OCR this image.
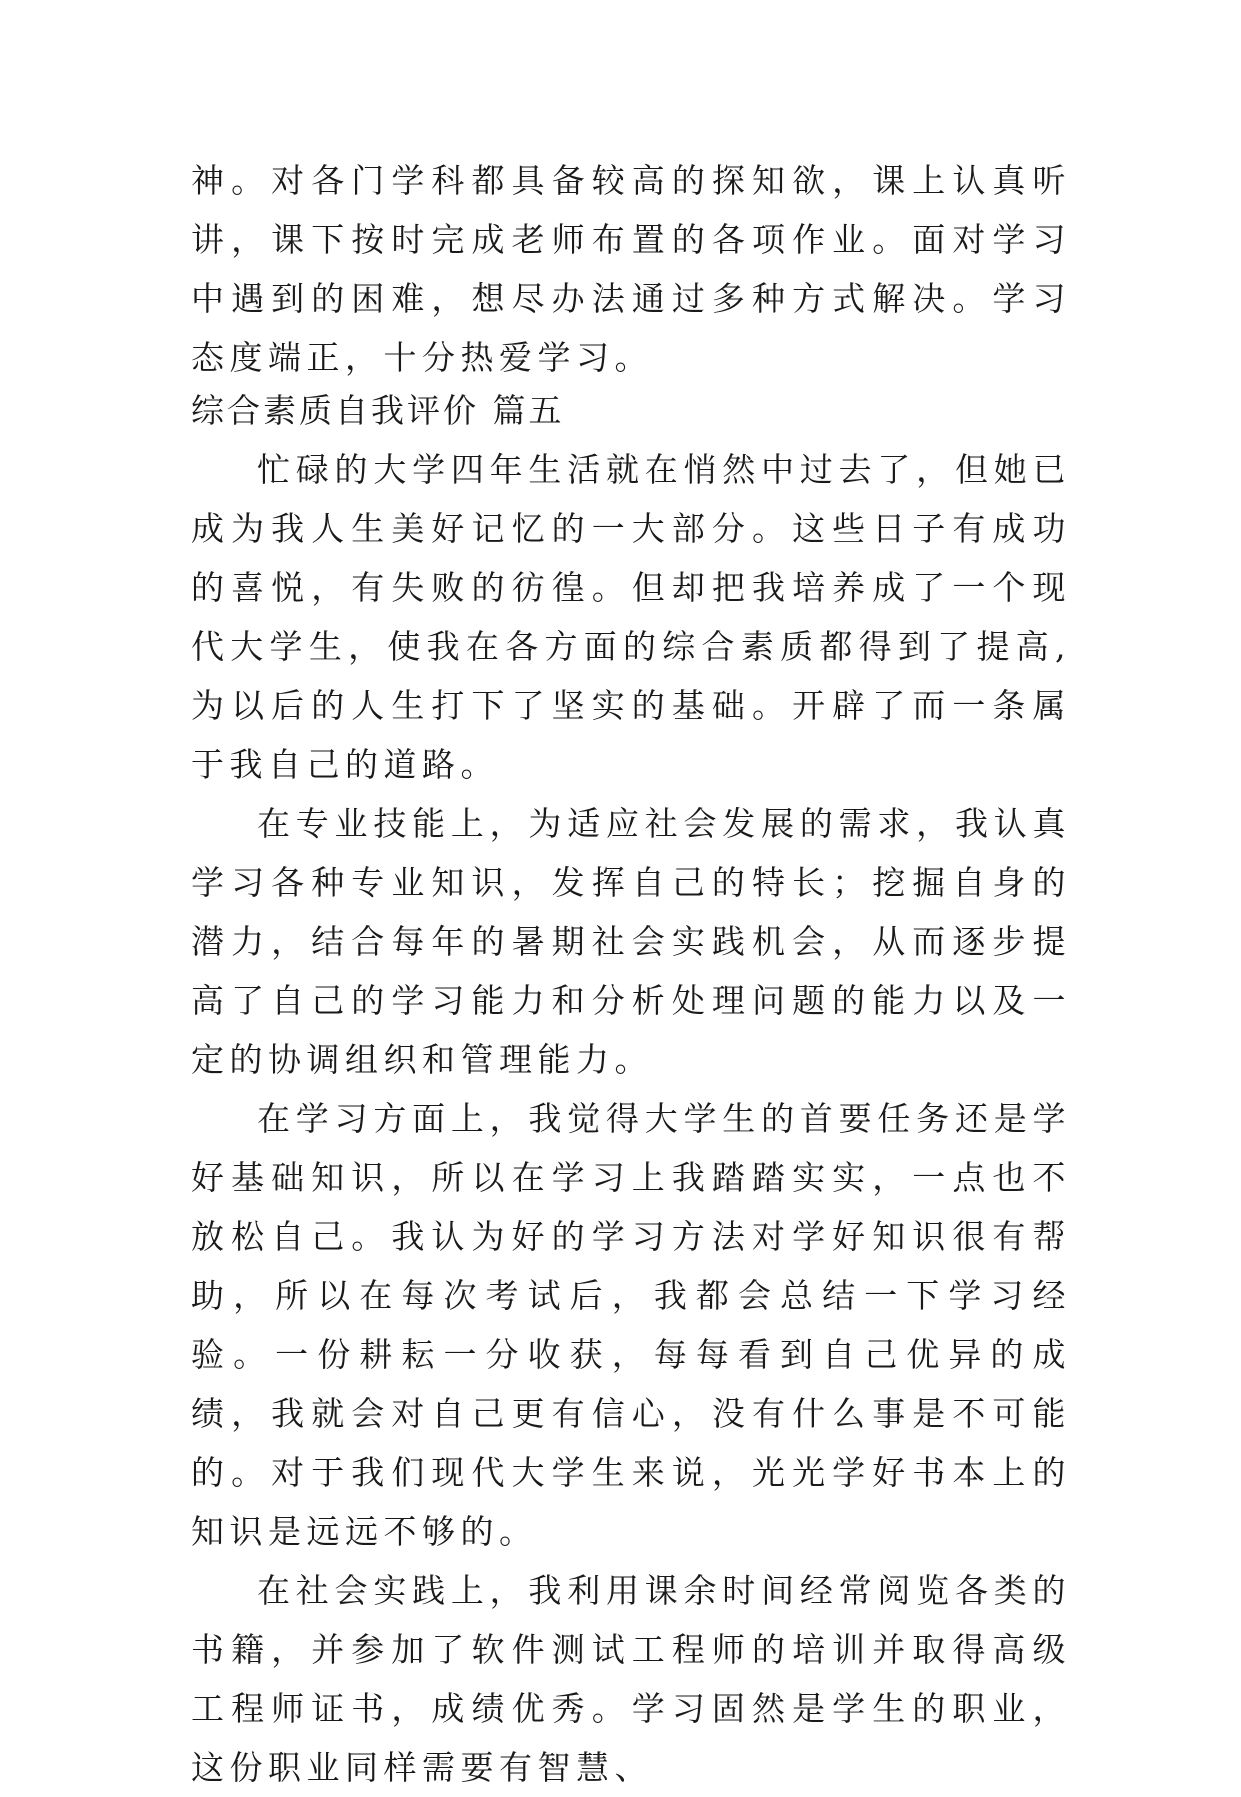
神。对各门学科都具备较高的探知欲，课上认真听讲，课下按时完成老师布置的各项作业。面对学习中遇到的困难，想尽办法通过多种方式解决。学习态度端正，十分热爱学习。

综合素质自我评价 篇五

忙碌的大学四年生活就在悄然中过去了，但她已成为我人生美好记忆的一大部分。这些日子有成功的喜悦，有失败的彷徨。但却把我培养成了一个现代大学生，使我在各方面的综合素质都得到了提高,为以后的人生打下了坚实的基础。开辟了而一条属于我自己的道路。

在专业技能上，为适应社会发展的需求，我认真学习各种专业知识，发挥自己的特长；挖掘自身的潜力，结合每年的暑期社会实践机会，从而逐步提高了自己的学习能力和分析处理问题的能力以及一定的协调组织和管理能力。

在学习方面上，我觉得大学生的首要任务还是学好基础知识，所以在学习上我踏踏实实，一点也不放松自己。我认为好的学习方法对学好知识很有帮助，所以在每次考试后，我都会总结一下学习经验。一份耕耘一分收获，每每看到自己优异的成绩，我就会对自己更有信心，没有什么事是不可能的。对于我们现代大学生来说，光光学好书本上的知识是远远不够的。

在社会实践上，我利用课余时间经常阅览各类的书籍，并参加了软件测试工程师的培训并取得高级工程师证书，成绩优秀。学习固然是学生的职业，这份职业同样需要有智慧、
